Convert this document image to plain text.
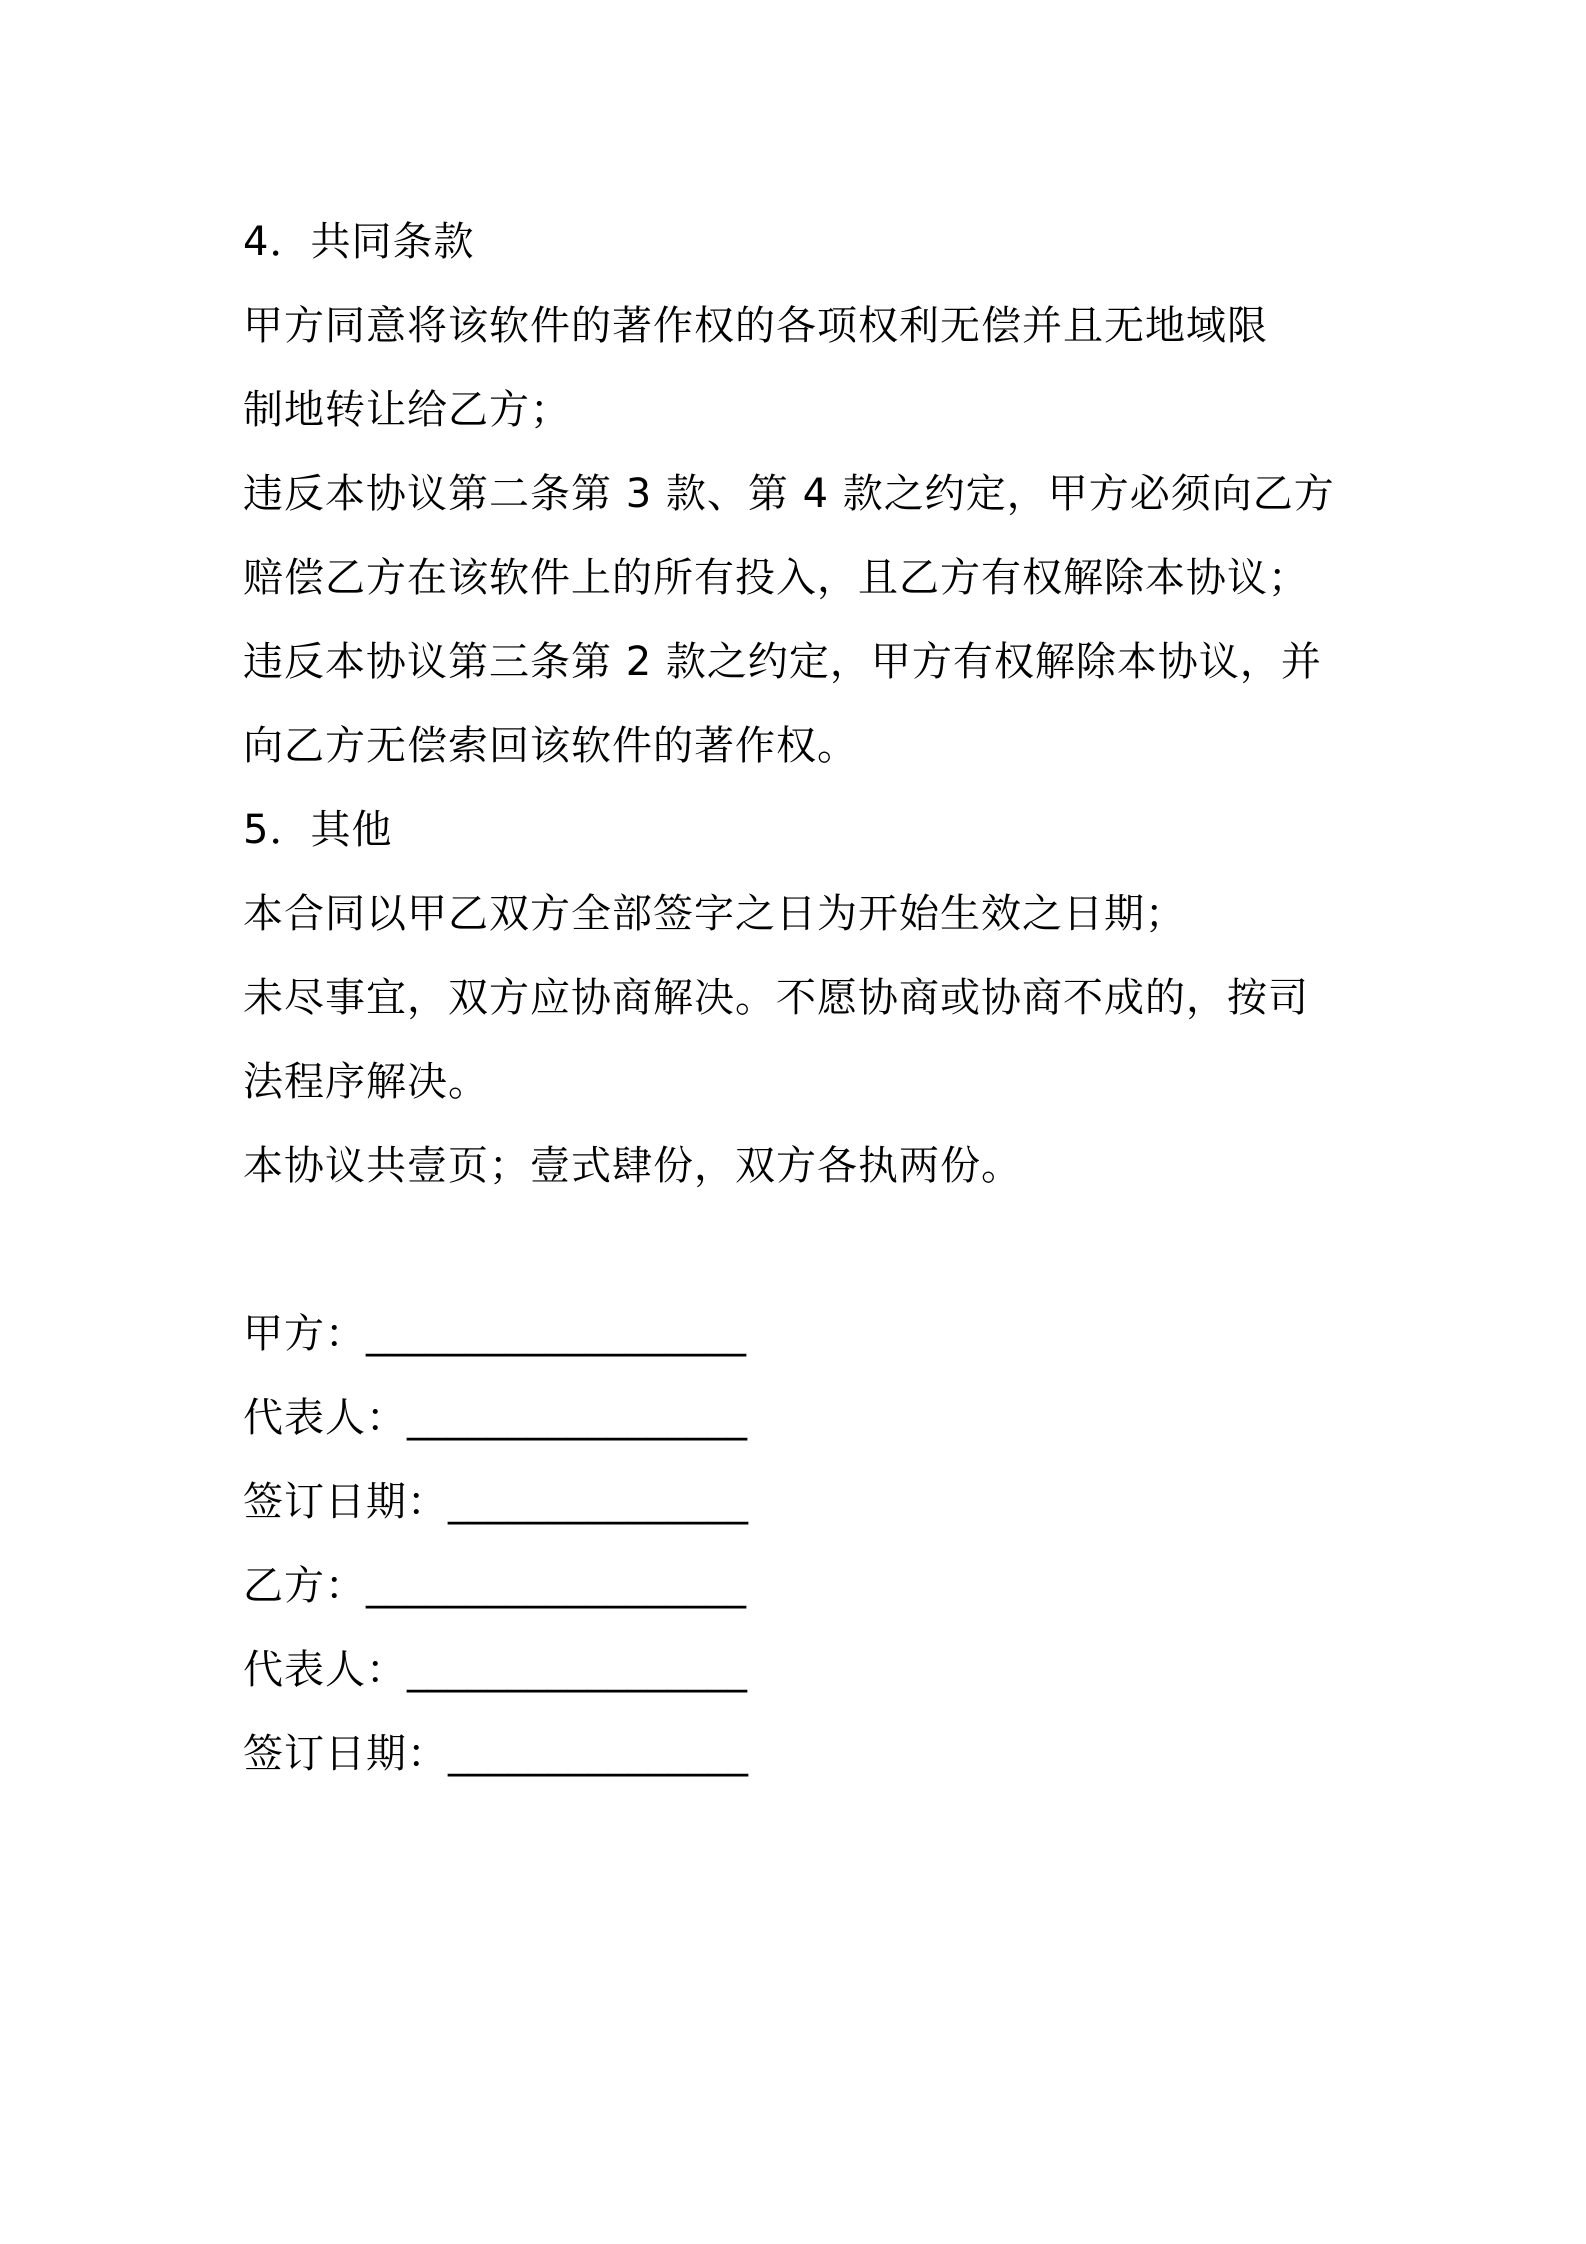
4．共同条款
甲方同意将该软件的著作权的各项权利无偿并且无地域限
制地转让给乙方；
违反本协议第二条第 3 款、第 4 款之约定，甲方必须向乙方
赔偿乙方在该软件上的所有投入，且乙方有权解除本协议；
违反本协议第三条第 2 款之约定，甲方有权解除本协议，并
向乙方无偿索回该软件的著作权。
5．其他
本合同以甲乙双方全部签字之日为开始生效之日期；
未尽事宜，双方应协商解决。不愿协商或协商不成的，按司
法程序解决。
本协议共壹页；壹式肆份，双方各执两份。
甲方： ___________________
代表人： _________________
签订日期： _______________
乙方： ___________________
代表人： _________________
签订日期： _______________
